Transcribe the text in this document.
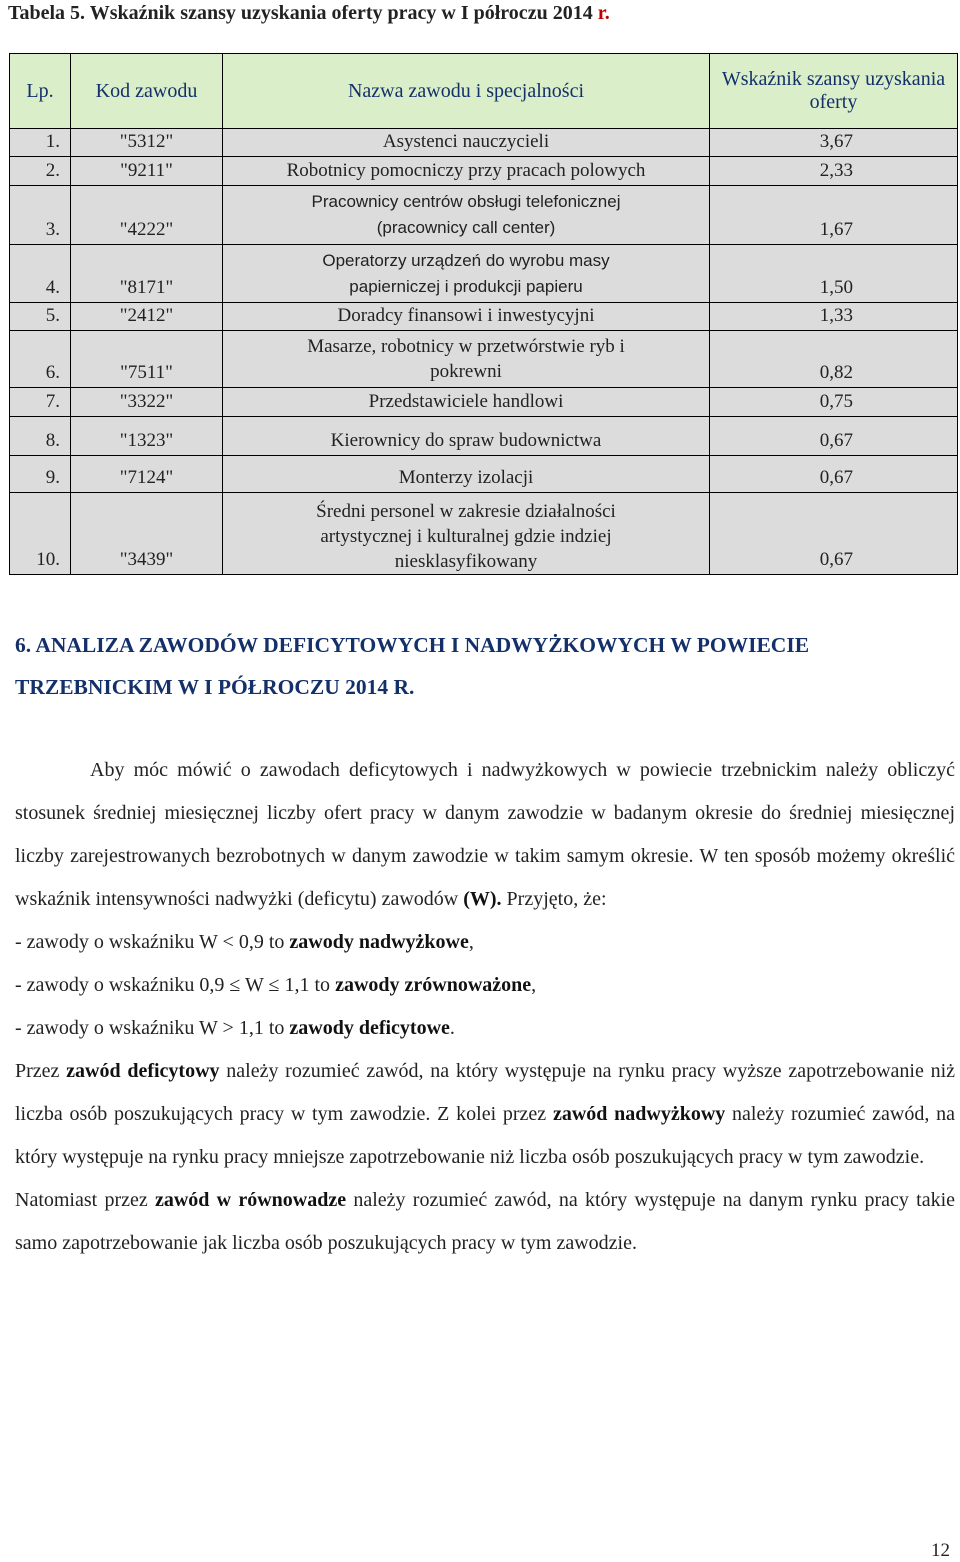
Tabela 5. Wskaźnik szansy uzyskania oferty pracy w I półroczu 2014 r.
Lp.	Kod zawodu	Nazwa zawodu i specjalności	Wskaźnik szansy uzyskania oferty
1.	"5312"	Asystenci nauczycieli	3,67
2.	"9211"	Robotnicy pomocniczy przy pracach polowych	2,33
3.	"4222"	Pracownicy centrów obsługi telefonicznej (pracownicy call center)	1,67
4.	"8171"	Operatorzy urządzeń do wyrobu masy papierniczej i produkcji papieru	1,50
5.	"2412"	Doradcy finansowi i inwestycyjni	1,33
6.	"7511"	Masarze, robotnicy w przetwórstwie ryb i pokrewni	0,82
7.	"3322"	Przedstawiciele handlowi	0,75
8.	"1323"	Kierownicy do spraw budownictwa	0,67
9.	"7124"	Monterzy izolacji	0,67
10.	"3439"	Średni personel w zakresie działalności artystycznej i kulturalnej gdzie indziej niesklasyfikowany	0,67
6. ANALIZA ZAWODÓW DEFICYTOWYCH I NADWYŻKOWYCH W POWIECIE TRZEBNICKIM W I PÓŁROCZU 2014 R.

Aby móc mówić o zawodach deficytowych i nadwyżkowych w powiecie trzebnickim należy obliczyć stosunek średniej miesięcznej liczby ofert pracy w danym zawodzie w badanym okresie do średniej miesięcznej liczby zarejestrowanych bezrobotnych w danym zawodzie w takim samym okresie. W ten sposób możemy określić wskaźnik intensywności nadwyżki (deficytu) zawodów (W). Przyjęto, że:

- zawody o wskaźniku W < 0,9 to zawody nadwyżkowe,

- zawody o wskaźniku 0,9 ≤ W ≤ 1,1 to zawody zrównoważone,

- zawody o wskaźniku W > 1,1 to zawody deficytowe.

Przez zawód deficytowy należy rozumieć zawód, na który występuje na rynku pracy wyższe zapotrzebowanie niż liczba osób poszukujących pracy w tym zawodzie. Z kolei przez zawód nadwyżkowy należy rozumieć zawód, na który występuje na rynku pracy mniejsze zapotrzebowanie niż liczba osób poszukujących pracy w tym zawodzie.

Natomiast przez zawód w równowadze należy rozumieć zawód, na który występuje na danym rynku pracy takie samo zapotrzebowanie jak liczba osób poszukujących pracy w tym zawodzie.

12
